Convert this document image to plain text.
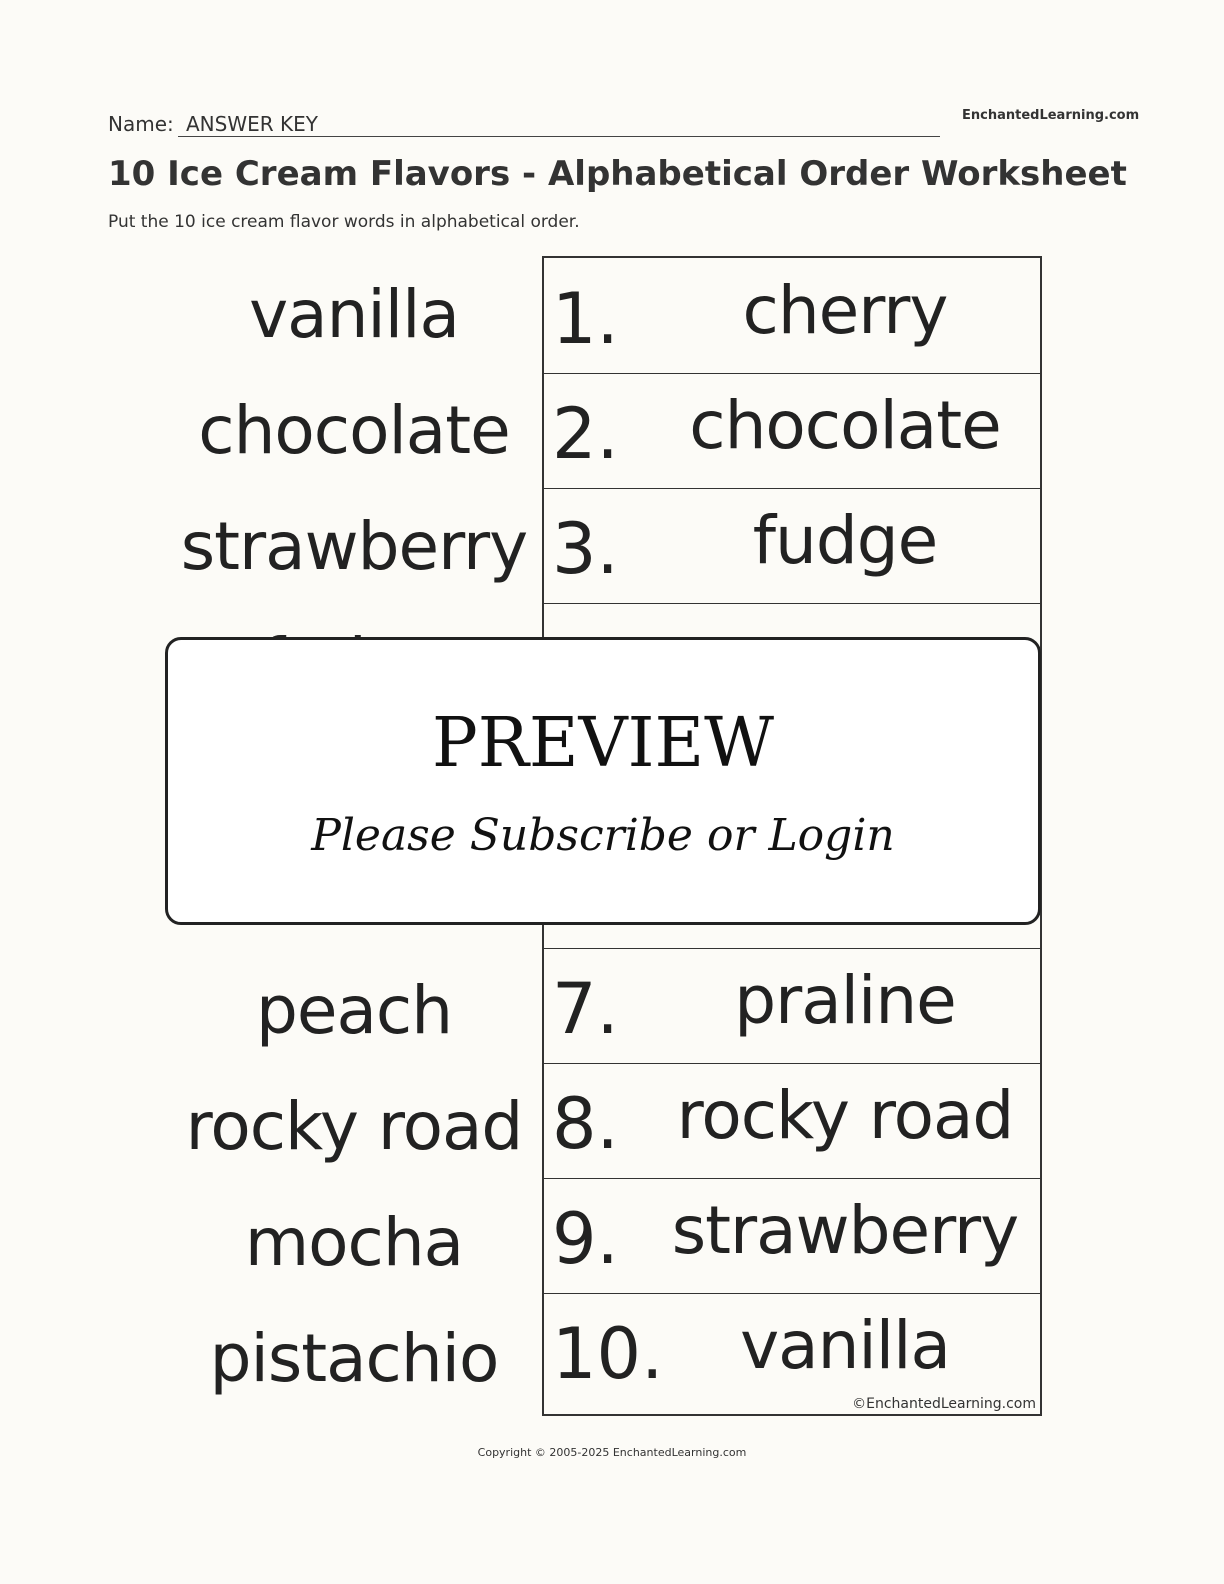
Name: ANSWER KEY	EnchantedLearning.com
10 Ice Cream Flavors - Alphabetical Order Worksheet
Put the 10 ice cream flavor words in alphabetical order.
vanilla
chocolate
strawberry
peach
rocky road
mocha
pistachio
1.	cherry
2.	chocolate
3.	fudge
7.	praline
8. rocky road
9. strawberry
10.	vanilla
©EnchantedLearning.com
PREVIEW
Please Subscribe or Login
Copyright © 2005-2025 EnchantedLearning.com
